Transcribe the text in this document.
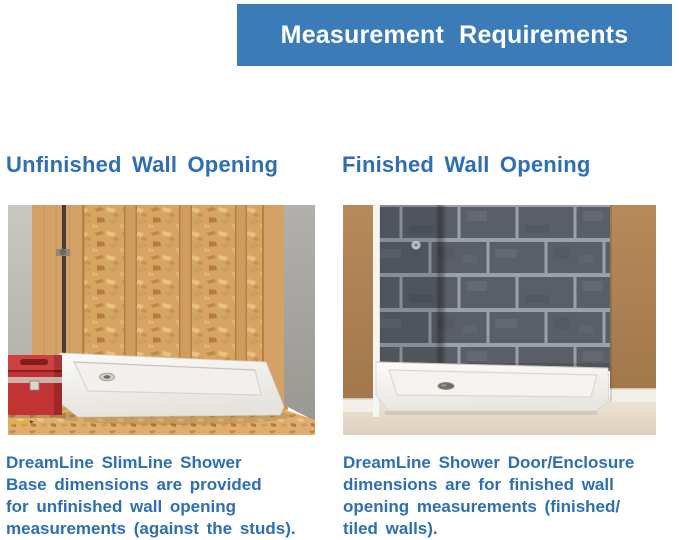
Measurement Requirements
Unfinished Wall Opening	Finished Wall Opening
DreamLine SlimLine Shower
Base dimensions are provided
for unfinished wall opening
measurements (against the studs).
DreamLine Shower Door/Enclosure
dimensions are for finished wall
opening measurements (finished/
tiled walls).
